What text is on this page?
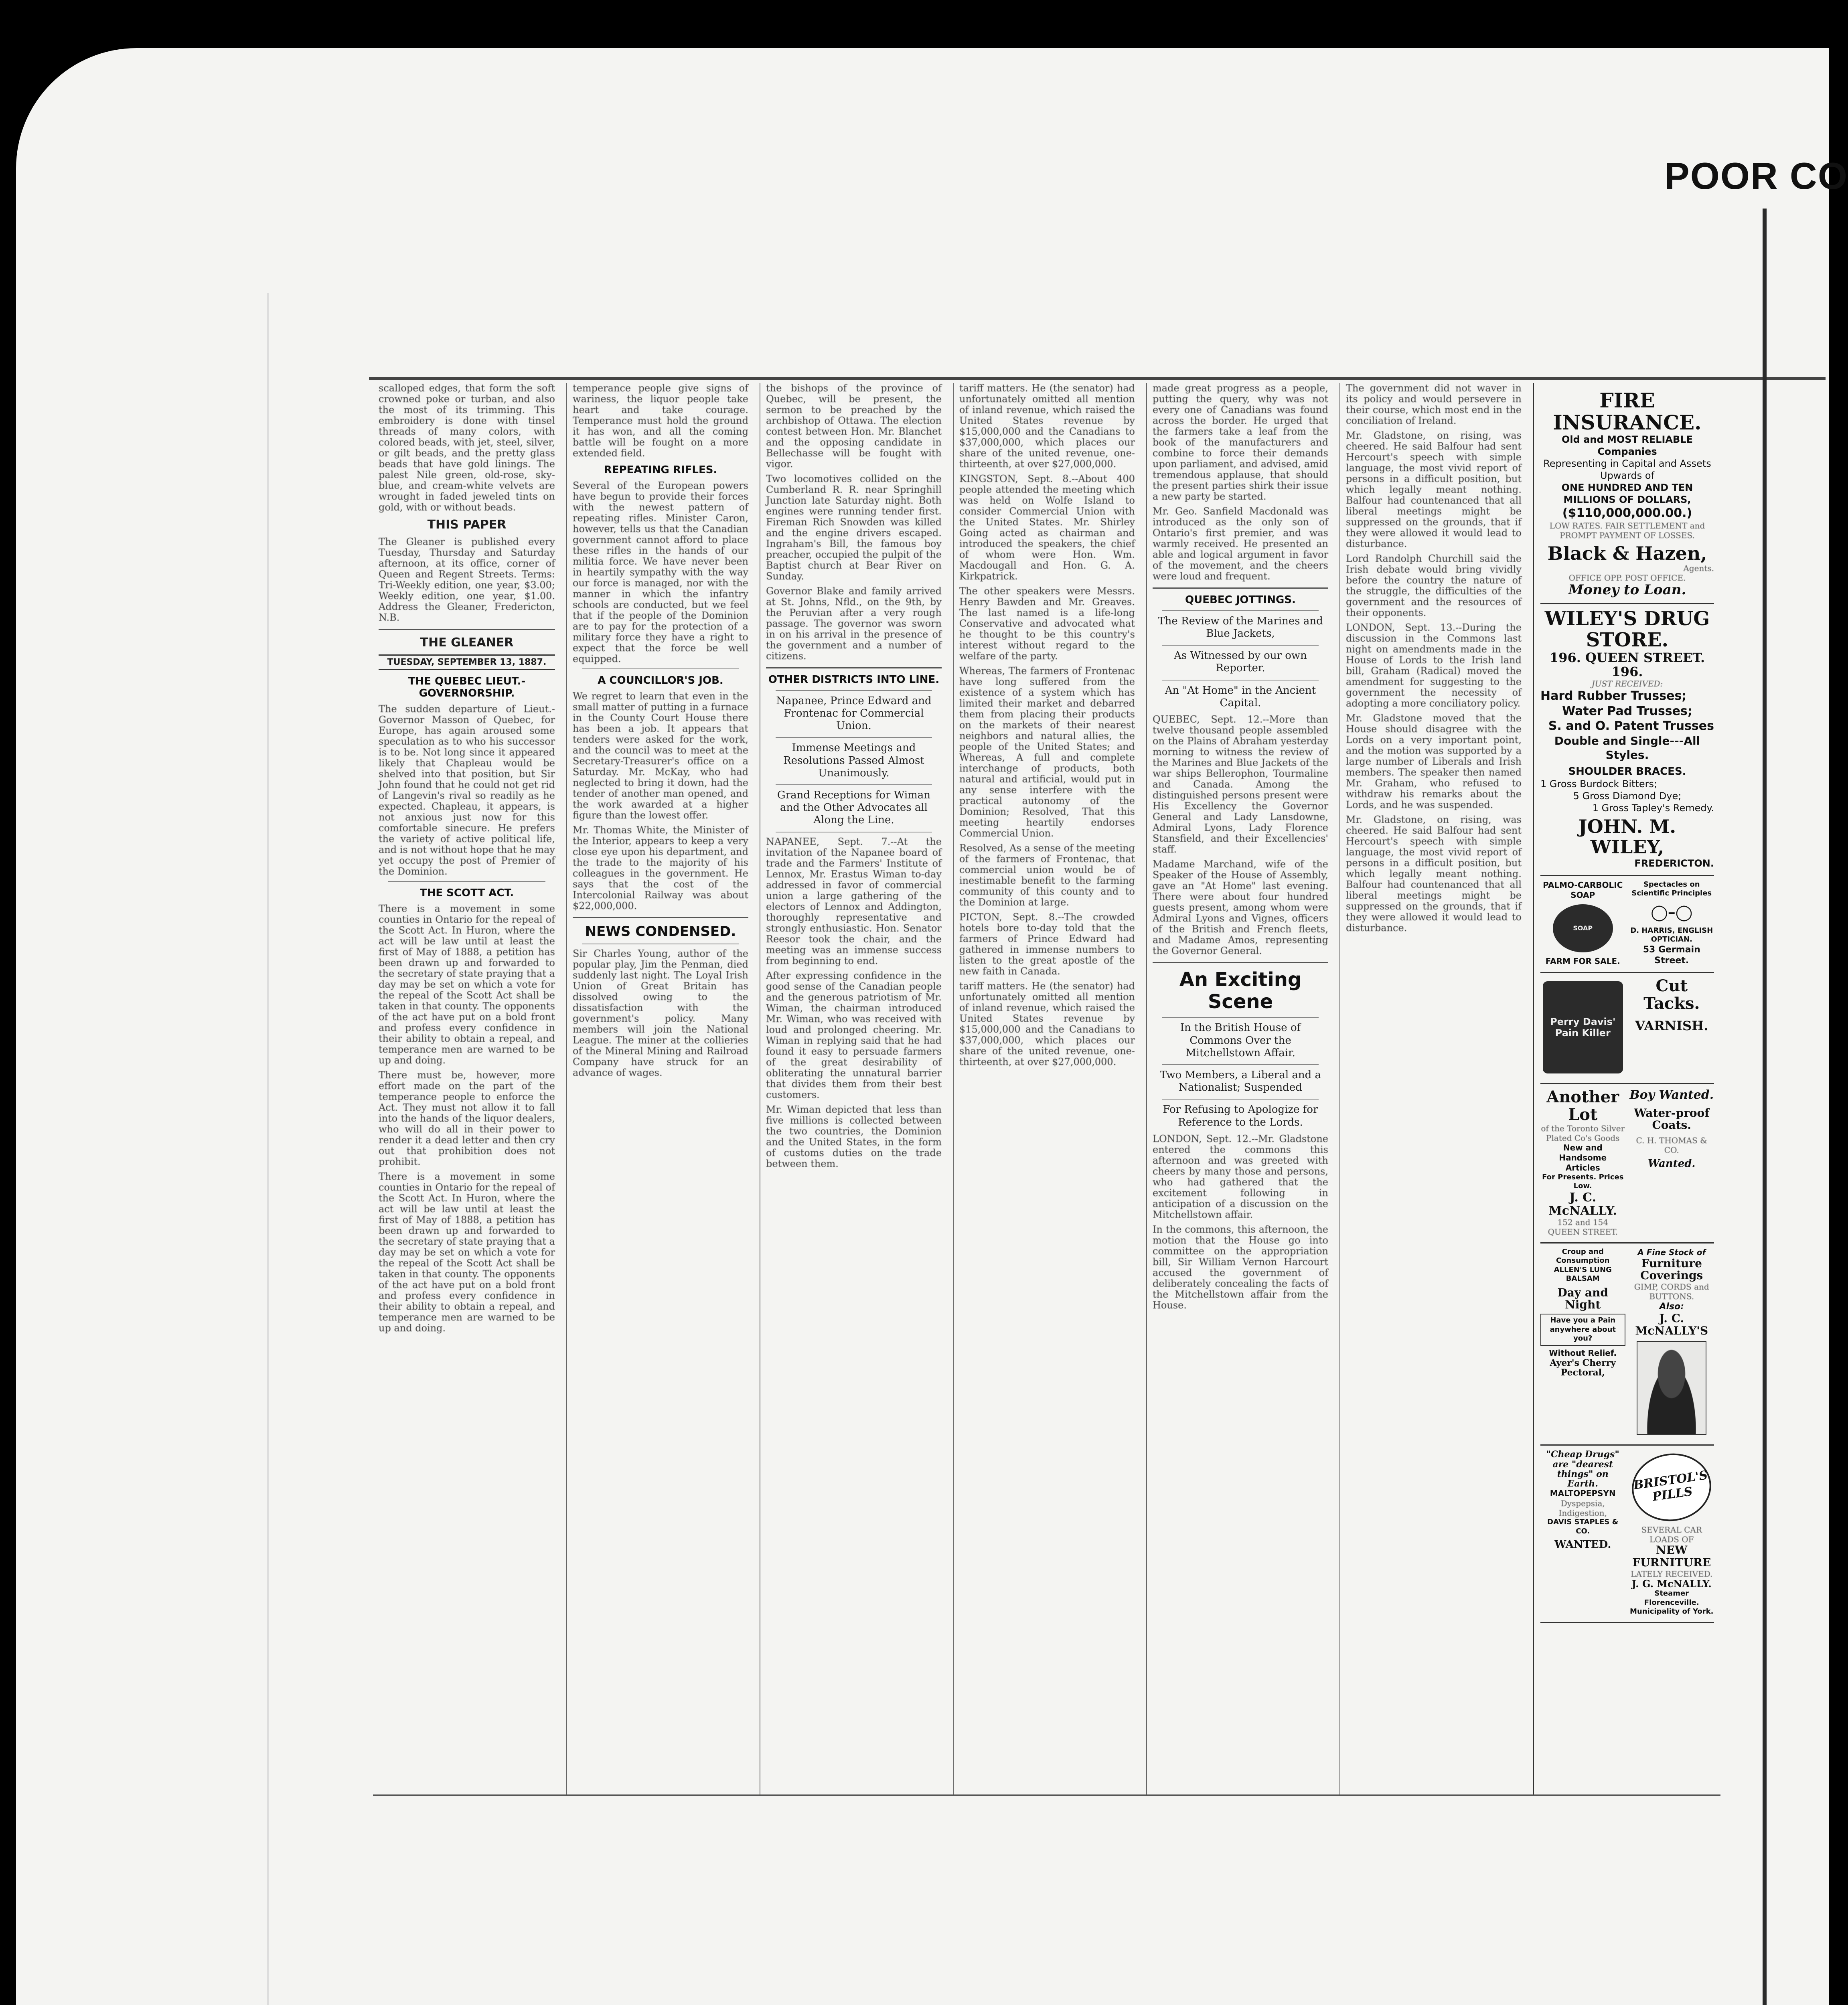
POOR CO

scalloped edges, that form the soft crowned poke or turban, and also the most of its trimming. This embroidery is done with tinsel threads of many colors, with colored beads, with jet, steel, silver, or gilt beads, and the pretty glass beads that have gold linings. The palest Nile green, old-rose, sky-blue, and cream-white velvets are wrought in faded jeweled tints on gold, with or without beads.

THIS PAPER

The Gleaner is published every Tuesday, Thursday and Saturday afternoon, at its office, corner of Queen and Regent Streets. Terms: Tri-Weekly edition, one year, $3.00; Weekly edition, one year, $1.00. Address the Gleaner, Fredericton, N.B.

THE GLEANER
TUESDAY, SEPTEMBER 13, 1887.
THE QUEBEC LIEUT.-GOVERNORSHIP.

The sudden departure of Lieut.-Governor Masson of Quebec, for Europe, has again aroused some speculation as to who his successor is to be. Not long since it appeared likely that Chapleau would be shelved into that position, but Sir John found that he could not get rid of Langevin's rival so readily as he expected. Chapleau, it appears, is not anxious just now for this comfortable sinecure. He prefers the variety of active political life, and is not without hope that he may yet occupy the post of Premier of the Dominion.

THE SCOTT ACT.

There is a movement in some counties in Ontario for the repeal of the Scott Act. In Huron, where the act will be law until at least the first of May of 1888, a petition has been drawn up and forwarded to the secretary of state praying that a day may be set on which a vote for the repeal of the Scott Act shall be taken in that county. The opponents of the act have put on a bold front and profess every confidence in their ability to obtain a repeal, and temperance men are warned to be up and doing.

There must be, however, more effort made on the part of the temperance people to enforce the Act. They must not allow it to fall into the hands of the liquor dealers, who will do all in their power to render it a dead letter and then cry out that prohibition does not prohibit.

There is a movement in some counties in Ontario for the repeal of the Scott Act. In Huron, where the act will be law until at least the first of May of 1888, a petition has been drawn up and forwarded to the secretary of state praying that a day may be set on which a vote for the repeal of the Scott Act shall be taken in that county. The opponents of the act have put on a bold front and profess every confidence in their ability to obtain a repeal, and temperance men are warned to be up and doing.

temperance people give signs of wariness, the liquor people take heart and take courage. Temperance must hold the ground it has won, and all the coming battle will be fought on a more extended field.

REPEATING RIFLES.

Several of the European powers have begun to provide their forces with the newest pattern of repeating rifles. Minister Caron, however, tells us that the Canadian government cannot afford to place these rifles in the hands of our militia force. We have never been in heartily sympathy with the way our force is managed, nor with the manner in which the infantry schools are conducted, but we feel that if the people of the Dominion are to pay for the protection of a military force they have a right to expect that the force be well equipped.

A COUNCILLOR'S JOB.

We regret to learn that even in the small matter of putting in a furnace in the County Court House there has been a job. It appears that tenders were asked for the work, and the council was to meet at the Secretary-Treasurer's office on a Saturday. Mr. McKay, who had neglected to bring it down, had the tender of another man opened, and the work awarded at a higher figure than the lowest offer.

Mr. Thomas White, the Minister of the Interior, appears to keep a very close eye upon his department, and the trade to the majority of his colleagues in the government. He says that the cost of the Intercolonial Railway was about $22,000,000.

NEWS CONDENSED.

Sir Charles Young, author of the popular play, Jim the Penman, died suddenly last night. The Loyal Irish Union of Great Britain has dissolved owing to the dissatisfaction with the government's policy. Many members will join the National League. The miner at the collieries of the Mineral Mining and Railroad Company have struck for an advance of wages.

the bishops of the province of Quebec, will be present, the sermon to be preached by the archbishop of Ottawa. The election contest between Hon. Mr. Blanchet and the opposing candidate in Bellechasse will be fought with vigor.

Two locomotives collided on the Cumberland R. R. near Springhill Junction late Saturday night. Both engines were running tender first. Fireman Rich Snowden was killed and the engine drivers escaped. Ingraham's Bill, the famous boy preacher, occupied the pulpit of the Baptist church at Bear River on Sunday.

Governor Blake and family arrived at St. Johns, Nfld., on the 9th, by the Peruvian after a very rough passage. The governor was sworn in on his arrival in the presence of the government and a number of citizens.

OTHER DISTRICTS INTO LINE.
Napanee, Prince Edward and Frontenac for Commercial Union.
Immense Meetings and Resolutions Passed Almost Unanimously.
Grand Receptions for Wiman and the Other Advocates all Along the Line.

NAPANEE, Sept. 7.--At the invitation of the Napanee board of trade and the Farmers' Institute of Lennox, Mr. Erastus Wiman to-day addressed in favor of commercial union a large gathering of the electors of Lennox and Addington, thoroughly representative and strongly enthusiastic. Hon. Senator Reesor took the chair, and the meeting was an immense success from beginning to end.

After expressing confidence in the good sense of the Canadian people and the generous patriotism of Mr. Wiman, the chairman introduced Mr. Wiman, who was received with loud and prolonged cheering. Mr. Wiman in replying said that he had found it easy to persuade farmers of the great desirability of obliterating the unnatural barrier that divides them from their best customers.

Mr. Wiman depicted that less than five millions is collected between the two countries, the Dominion and the United States, in the form of customs duties on the trade between them.

tariff matters. He (the senator) had unfortunately omitted all mention of inland revenue, which raised the United States revenue by $15,000,000 and the Canadians to $37,000,000, which places our share of the united revenue, one-thirteenth, at over $27,000,000.

KINGSTON, Sept. 8.--About 400 people attended the meeting which was held on Wolfe Island to consider Commercial Union with the United States. Mr. Shirley Going acted as chairman and introduced the speakers, the chief of whom were Hon. Wm. Macdougall and Hon. G. A. Kirkpatrick.

The other speakers were Messrs. Henry Bawden and Mr. Greaves. The last named is a life-long Conservative and advocated what he thought to be this country's interest without regard to the welfare of the party.

Whereas, The farmers of Frontenac have long suffered from the existence of a system which has limited their market and debarred them from placing their products on the markets of their nearest neighbors and natural allies, the people of the United States; and Whereas, A full and complete interchange of products, both natural and artificial, would put in any sense interfere with the practical autonomy of the Dominion; Resolved, That this meeting heartily endorses Commercial Union.

Resolved, As a sense of the meeting of the farmers of Frontenac, that commercial union would be of inestimable benefit to the farming community of this county and to the Dominion at large.

PICTON, Sept. 8.--The crowded hotels bore to-day told that the farmers of Prince Edward had gathered in immense numbers to listen to the great apostle of the new faith in Canada.

tariff matters. He (the senator) had unfortunately omitted all mention of inland revenue, which raised the United States revenue by $15,000,000 and the Canadians to $37,000,000, which places our share of the united revenue, one-thirteenth, at over $27,000,000.

made great progress as a people, putting the query, why was not every one of Canadians was found across the border. He urged that the farmers take a leaf from the book of the manufacturers and combine to force their demands upon parliament, and advised, amid tremendous applause, that should the present parties shirk their issue a new party be started.

Mr. Geo. Sanfield Macdonald was introduced as the only son of Ontario's first premier, and was warmly received. He presented an able and logical argument in favor of the movement, and the cheers were loud and frequent.

QUEBEC JOTTINGS.
The Review of the Marines and Blue Jackets,
As Witnessed by our own Reporter.
An "At Home" in the Ancient Capital.

QUEBEC, Sept. 12.--More than twelve thousand people assembled on the Plains of Abraham yesterday morning to witness the review of the Marines and Blue Jackets of the war ships Bellerophon, Tourmaline and Canada. Among the distinguished persons present were His Excellency the Governor General and Lady Lansdowne, Admiral Lyons, Lady Florence Stansfield, and their Excellencies' staff.

Madame Marchand, wife of the Speaker of the House of Assembly, gave an "At Home" last evening. There were about four hundred guests present, among whom were Admiral Lyons and Vignes, officers of the British and French fleets, and Madame Amos, representing the Governor General.

An Exciting Scene
In the British House of Commons Over the Mitchellstown Affair.
Two Members, a Liberal and a Nationalist; Suspended
For Refusing to Apologize for Reference to the Lords.

LONDON, Sept. 12.--Mr. Gladstone entered the commons this afternoon and was greeted with cheers by many those and persons, who had gathered that the excitement following in anticipation of a discussion on the Mitchellstown affair.

In the commons, this afternoon, the motion that the House go into committee on the appropriation bill, Sir William Vernon Harcourt accused the government of deliberately concealing the facts of the Mitchellstown affair from the House.

The government did not waver in its policy and would persevere in their course, which most end in the conciliation of Ireland.

Mr. Gladstone, on rising, was cheered. He said Balfour had sent Hercourt's speech with simple language, the most vivid report of persons in a difficult position, but which legally meant nothing. Balfour had countenanced that all liberal meetings might be suppressed on the grounds, that if they were allowed it would lead to disturbance.

Lord Randolph Churchill said the Irish debate would bring vividly before the country the nature of the struggle, the difficulties of the government and the resources of their opponents.

LONDON, Sept. 13.--During the discussion in the Commons last night on amendments made in the House of Lords to the Irish land bill, Graham (Radical) moved the amendment for suggesting to the government the necessity of adopting a more conciliatory policy.

Mr. Gladstone moved that the House should disagree with the Lords on a very important point, and the motion was supported by a large number of Liberals and Irish members. The speaker then named Mr. Graham, who refused to withdraw his remarks about the Lords, and he was suspended.

Mr. Gladstone, on rising, was cheered. He said Balfour had sent Hercourt's speech with simple language, the most vivid report of persons in a difficult position, but which legally meant nothing. Balfour had countenanced that all liberal meetings might be suppressed on the grounds, that if they were allowed it would lead to disturbance.

FIRE INSURANCE.
Old and MOST RELIABLE Companies
Representing in Capital and Assets
Upwards of
ONE HUNDRED AND TEN MILLIONS OF DOLLARS,
($110,000,000.00.)
LOW RATES. FAIR SETTLEMENT and PROMPT PAYMENT OF LOSSES.
Black & Hazen,
Agents.
OFFICE OPP. POST OFFICE.
Money to Loan.
WILEY'S DRUG STORE.
196. QUEEN STREET. 196.
JUST RECEIVED:
Hard Rubber Trusses;
Water Pad Trusses;
S. and O. Patent Trusses
Double and Single---All Styles.
SHOULDER BRACES.
1 Gross Burdock Bitters;
5 Gross Diamond Dye;
1 Gross Tapley's Remedy.
JOHN. M. WILEY,
FREDERICTON.
PALMO-CARBOLIC SOAP
SOAP
FARM FOR SALE.
Spectacles on Scientific Principles
◯–◯
D. HARRIS, ENGLISH OPTICIAN.
53 Germain Street.
Perry Davis' Pain Killer
Cut Tacks.
VARNISH.
Another Lot
of the Toronto Silver Plated Co's Goods
New and Handsome Articles
For Presents. Prices Low.
J. C. McNALLY.
152 and 154 QUEEN STREET.
Boy Wanted.
Water-proof Coats.
C. H. THOMAS & CO.
Wanted.
Croup and Consumption
ALLEN'S LUNG BALSAM
Day and Night
Have you a Pain anywhere about you?
Without Relief.
Ayer's Cherry Pectoral,
A Fine Stock of
Furniture Coverings
GIMP, CORDS and BUTTONS.
Also:
J. C. McNALLY'S
"Cheap Drugs" are "dearest things" on Earth.
MALTOPEPSYN
Dyspepsia, Indigestion,
DAVIS STAPLES & CO.
WANTED.
BRISTOL'S PILLS
SEVERAL CAR LOADS OF
NEW FURNITURE
LATELY RECEIVED.
J. G. McNALLY.
Steamer Florenceville.
Municipality of York.
